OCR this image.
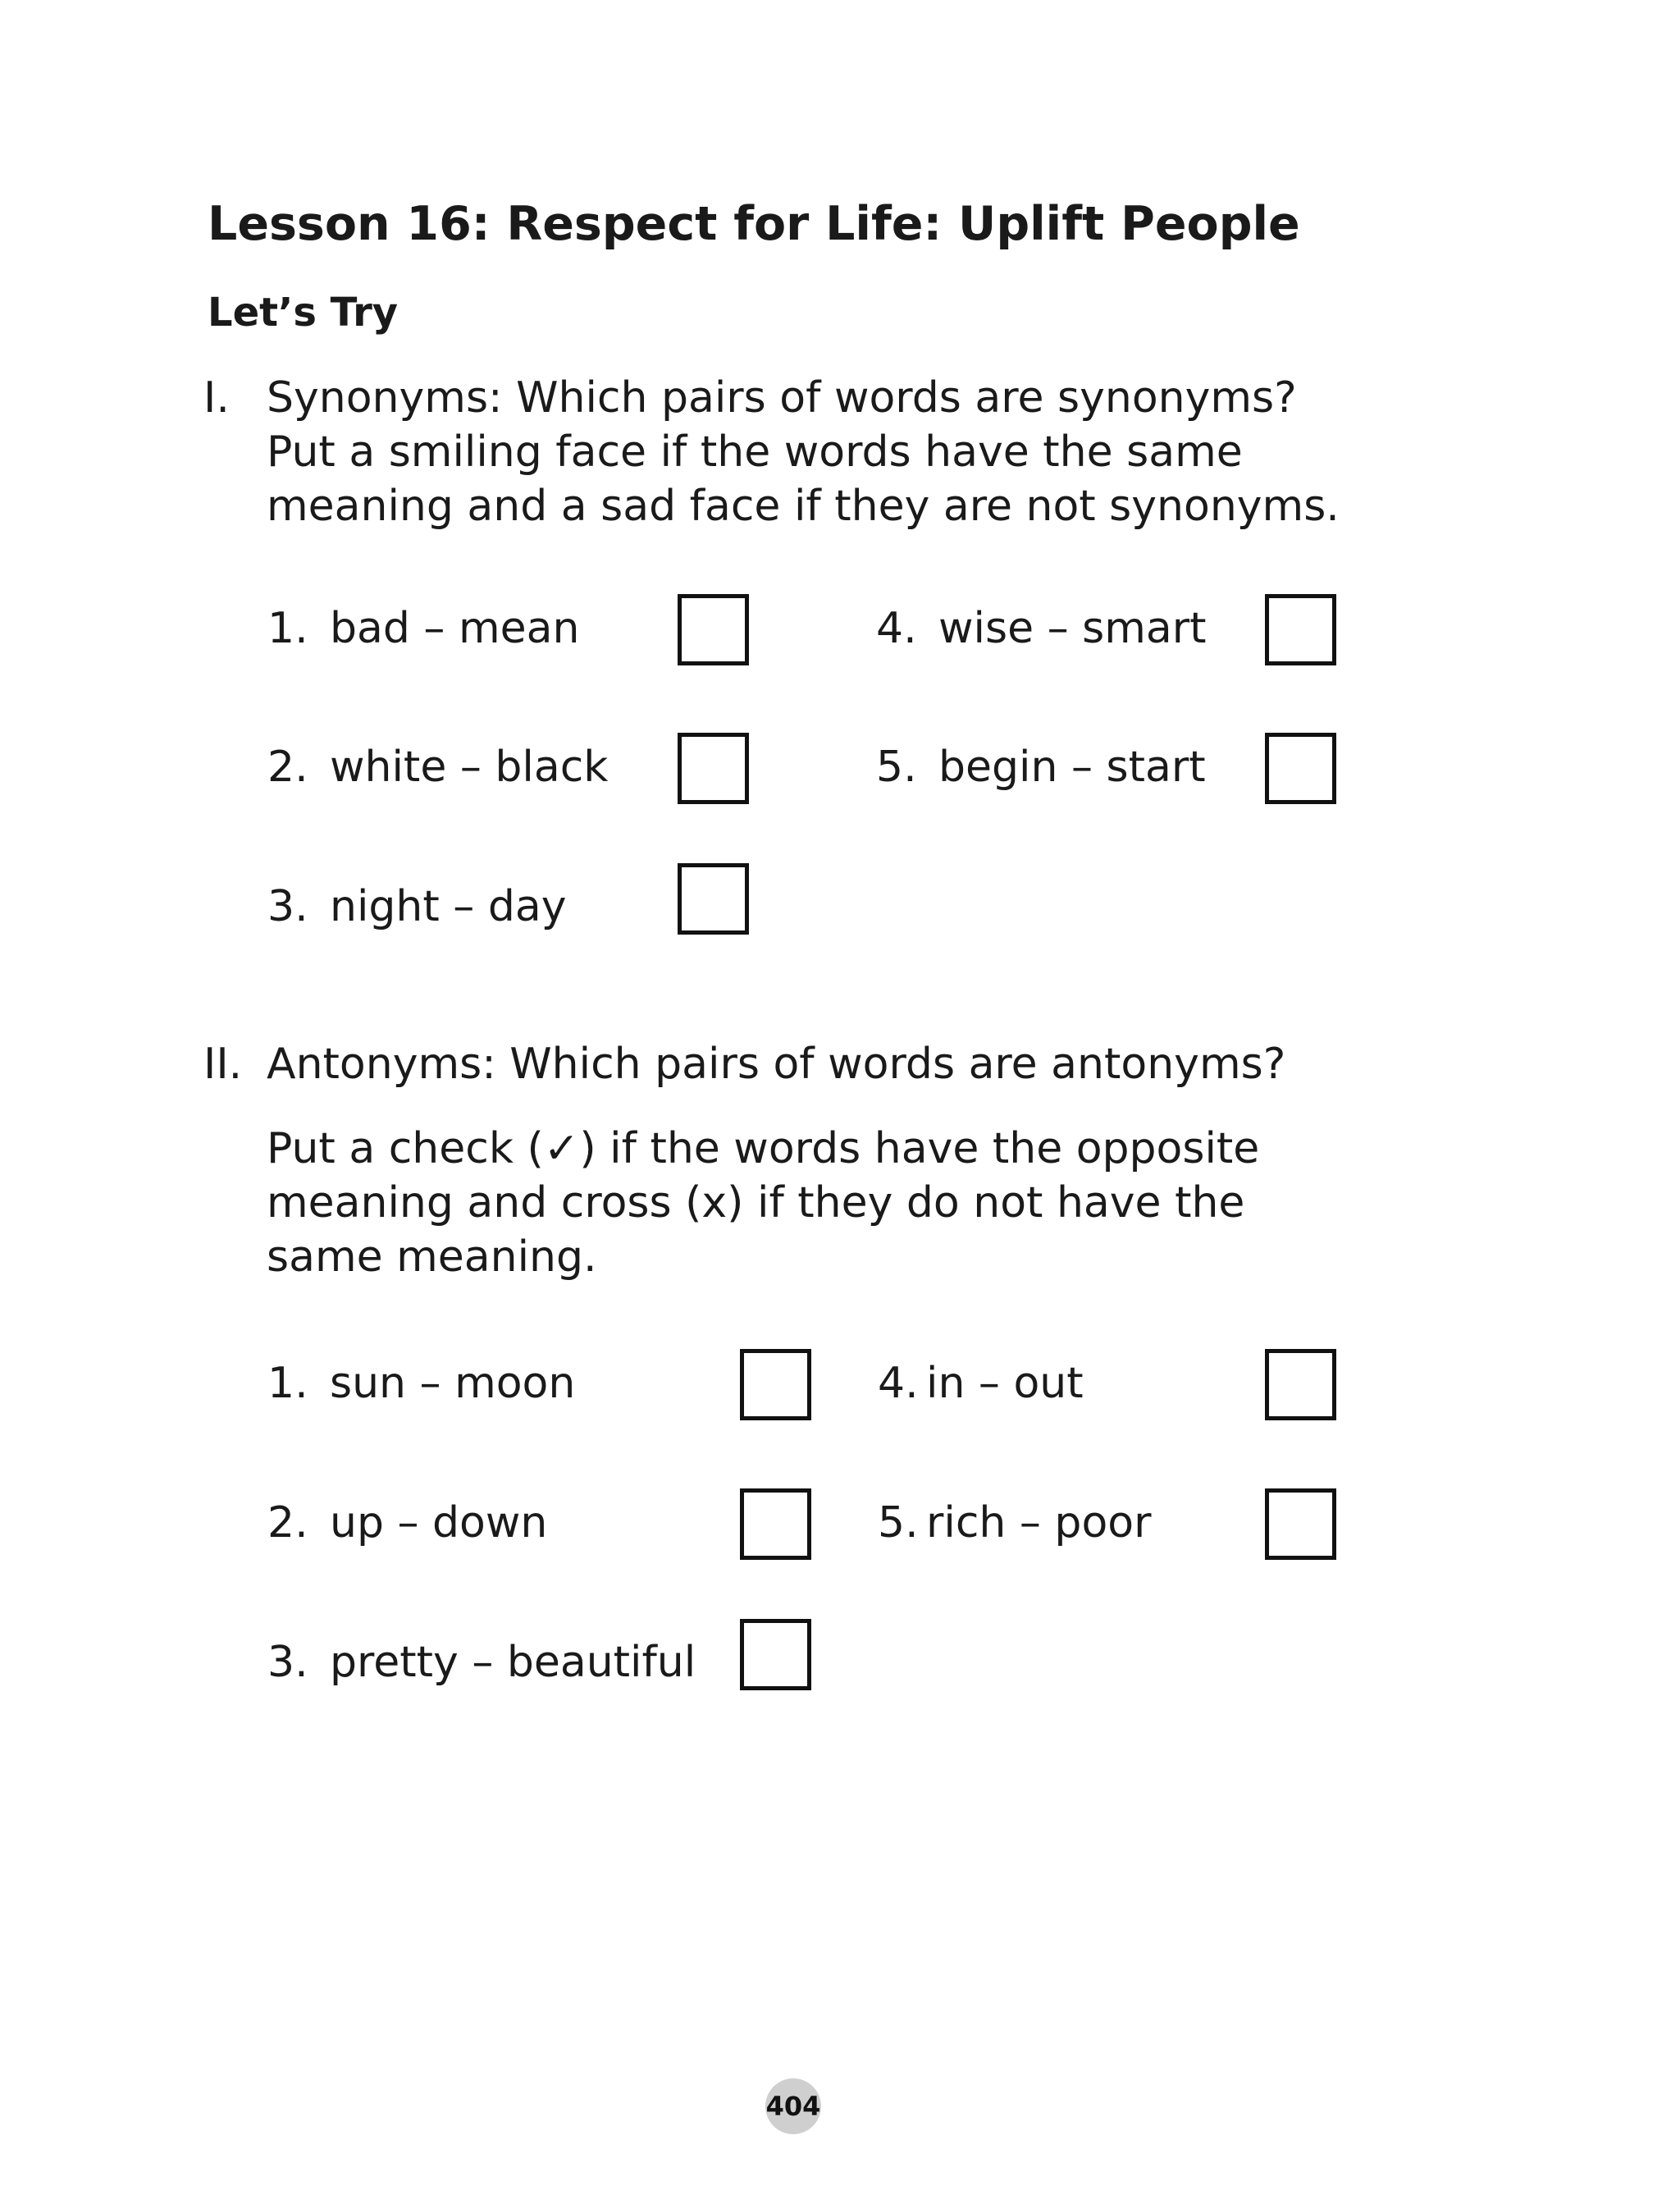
Lesson 16: Respect for Life: Uplift People
Let’s Try
I. Synonyms: Which pairs of words are synonyms?
Put a smiling face if the words have the same
meaning and a sad face if they are not synonyms.
1. bad – mean
2. white – black
3. night – day
4. wise – smart
5. begin – start
II. Antonyms: Which pairs of words are antonyms?
Put a check (✓) if the words have the opposite
meaning and cross (x) if they do not have the
same meaning.
1. sun – moon
2. up – down
3. pretty – beautiful
4. in – out
5. rich – poor
404
